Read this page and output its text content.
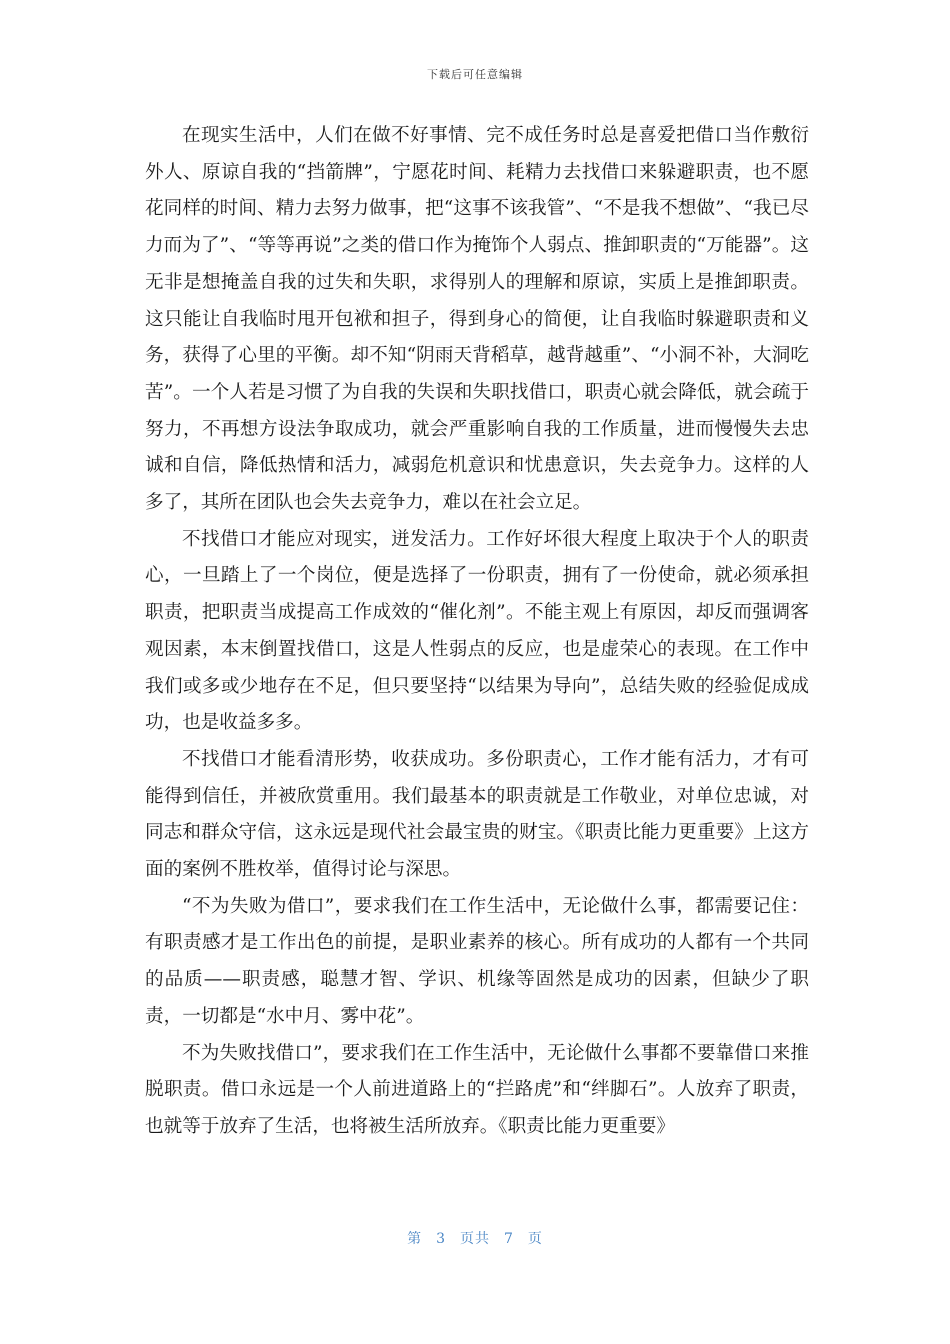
下载后可任意编辑

在现实生活中，人们在做不好事情、完不成任务时总是喜爱把借口当作敷衍外人、原谅自我的“挡箭牌”，宁愿花时间、耗精力去找借口来躲避职责，也不愿花同样的时间、精力去努力做事，把“这事不该我管”、“不是我不想做”、“我已尽力而为了”、“等等再说”之类的借口作为掩饰个人弱点、推卸职责的“万能器”。这无非是想掩盖自我的过失和失职，求得别人的理解和原谅，实质上是推卸职责。这只能让自我临时甩开包袱和担子，得到身心的简便，让自我临时躲避职责和义务，获得了心里的平衡。却不知“阴雨天背稻草，越背越重”、“小洞不补，大洞吃苦”。一个人若是习惯了为自我的失误和失职找借口，职责心就会降低，就会疏于努力，不再想方设法争取成功，就会严重影响自我的工作质量，进而慢慢失去忠诚和自信，降低热情和活力，减弱危机意识和忧患意识，失去竞争力。这样的人多了，其所在团队也会失去竞争力，难以在社会立足。

不找借口才能应对现实，迸发活力。工作好坏很大程度上取决于个人的职责心，一旦踏上了一个岗位，便是选择了一份职责，拥有了一份使命，就必须承担职责，把职责当成提高工作成效的“催化剂”。不能主观上有原因，却反而强调客观因素，本末倒置找借口，这是人性弱点的反应，也是虚荣心的表现。在工作中我们或多或少地存在不足，但只要坚持“以结果为导向”，总结失败的经验促成成功，也是收益多多。

不找借口才能看清形势，收获成功。多份职责心，工作才能有活力，才有可能得到信任，并被欣赏重用。我们最基本的职责就是工作敬业，对单位忠诚，对同志和群众守信，这永远是现代社会最宝贵的财宝。《职责比能力更重要》上这方面的案例不胜枚举，值得讨论与深思。

“不为失败为借口”，要求我们在工作生活中，无论做什么事，都需要记住：有职责感才是工作出色的前提，是职业素养的核心。所有成功的人都有一个共同的品质——职责感，聪慧才智、学识、机缘等固然是成功的因素，但缺少了职责，一切都是“水中月、雾中花”。

不为失败找借口”，要求我们在工作生活中，无论做什么事都不要靠借口来推脱职责。借口永远是一个人前进道路上的“拦路虎”和“绊脚石”。人放弃了职责，也就等于放弃了生活，也将被生活所放弃。《职责比能力更重要》

第 3 页共 7 页
